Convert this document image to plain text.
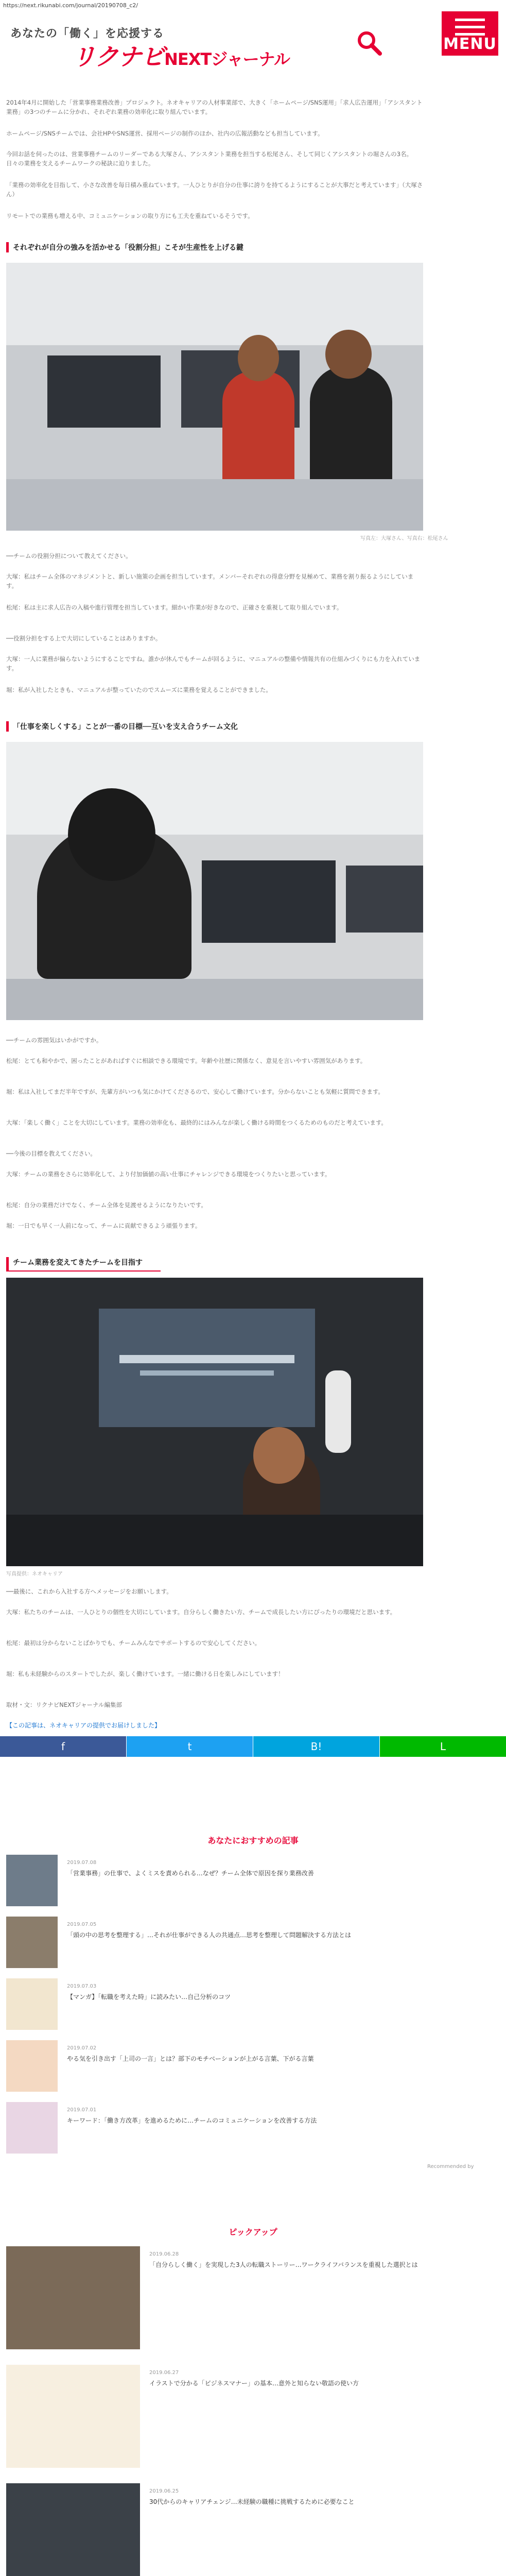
https://next.rikunabi.com/journal/20190708_c2/
あなたの「働く」を応援する
リクナビNEXTジャーナル
MENU
2014年4月に開始した「営業事務業務改善」プロジェクト。ネオキャリアの人材事業部で、大きく「ホームページ/SNS運用」「求人広告運用」「アシスタント業務」の3つのチームに分かれ、それぞれ業務の効率化に取り組んでいます。
ホームページ/SNSチームでは、会社HPやSNS運営、採用ページの制作のほか、社内の広報活動なども担当しています。
今回お話を伺ったのは、営業事務チームのリーダーである大塚さん、アシスタント業務を担当する松尾さん、そして同じくアシスタントの堀さんの3名。日々の業務を支えるチームワークの秘訣に迫りました。
「業務の効率化を目指して、小さな改善を毎日積み重ねています。一人ひとりが自分の仕事に誇りを持てるようにすることが大事だと考えています」（大塚さん）
リモートでの業務も増える中、コミュニケーションの取り方にも工夫を重ねているそうです。
それぞれが自分の強みを活かせる「役割分担」こそが生産性を上げる鍵
写真左：大塚さん、写真右：松尾さん
──チームの役割分担について教えてください。
大塚：私はチーム全体のマネジメントと、新しい施策の企画を担当しています。メンバーそれぞれの得意分野を見極めて、業務を割り振るようにしています。
松尾：私は主に求人広告の入稿や進行管理を担当しています。細かい作業が好きなので、正確さを重視して取り組んでいます。
──役割分担をする上で大切にしていることはありますか。
大塚：一人に業務が偏らないようにすることですね。誰かが休んでもチームが回るように、マニュアルの整備や情報共有の仕組みづくりにも力を入れています。
堀：私が入社したときも、マニュアルが整っていたのでスムーズに業務を覚えることができました。
「仕事を楽しくする」ことが一番の目標──互いを支え合うチーム文化
──チームの雰囲気はいかがですか。
松尾：とても和やかで、困ったことがあればすぐに相談できる環境です。年齢や社歴に関係なく、意見を言いやすい雰囲気があります。
堀：私は入社してまだ半年ですが、先輩方がいつも気にかけてくださるので、安心して働けています。分からないことも気軽に質問できます。
大塚：「楽しく働く」ことを大切にしています。業務の効率化も、最終的にはみんなが楽しく働ける時間をつくるためのものだと考えています。
──今後の目標を教えてください。
大塚：チームの業務をさらに効率化して、より付加価値の高い仕事にチャレンジできる環境をつくりたいと思っています。
松尾：自分の業務だけでなく、チーム全体を見渡せるようになりたいです。
堀：一日でも早く一人前になって、チームに貢献できるよう頑張ります。
チーム業務を変えてきたチームを目指す
写真提供：ネオキャリア
──最後に、これから入社する方へメッセージをお願いします。
大塚：私たちのチームは、一人ひとりの個性を大切にしています。自分らしく働きたい方、チームで成長したい方にぴったりの環境だと思います。
松尾：最初は分からないことばかりでも、チームみんなでサポートするので安心してください。
堀：私も未経験からのスタートでしたが、楽しく働けています。一緒に働ける日を楽しみにしています！
取材・文：リクナビNEXTジャーナル編集部
【この記事は、ネオキャリアの提供でお届けしました】
f	t	B!	L
あなたにおすすめの記事
2019.07.08
「営業事務」の仕事で、よくミスを責められる…なぜ？チーム全体で原因を探り業務改善
2019.07.05
「頭の中の思考を整理する」…それが仕事ができる人の共通点…思考を整理して問題解決する方法とは
2019.07.03
【マンガ】「転職を考えた時」に読みたい…自己分析のコツ
2019.07.02
やる気を引き出す「上司の一言」とは？部下のモチベーションが上がる言葉、下がる言葉
2019.07.01
キーワード：「働き方改革」を進めるために…チームのコミュニケーションを改善する方法
Recommended by
ピックアップ
2019.06.28
「自分らしく働く」を実現した3人の転職ストーリー…ワークライフバランスを重視した選択とは
2019.06.27
イラストで分かる「ビジネスマナー」の基本…意外と知らない敬語の使い方
2019.06.25
30代からのキャリアチェンジ…未経験の職種に挑戦するために必要なこと
